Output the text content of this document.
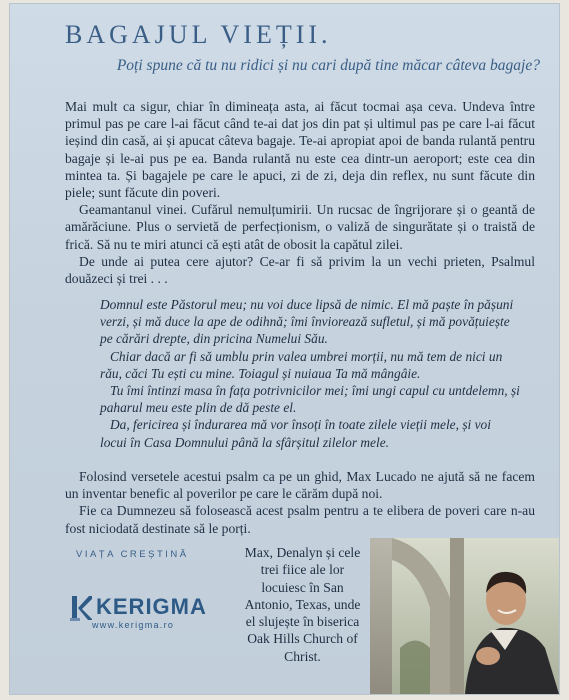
BAGAJUL VIEȚII.
Poți spune că tu nu ridici și nu cari după tine măcar câteva bagaje?

Mai mult ca sigur, chiar în dimineața asta, ai făcut tocmai așa ceva. Undeva între primul pas pe care l-ai făcut când te-ai dat jos din pat și ultimul pas pe care l-ai făcut ieșind din casă, ai și apucat câteva bagaje. Te-ai apropiat apoi de banda rulantă pentru bagaje și le-ai pus pe ea. Banda rulantă nu este cea dintr-un aeroport; este cea din mintea ta. Și bagajele pe care le apuci, zi de zi, deja din reflex, nu sunt făcute din piele; sunt făcute din poveri.

Geamantanul vinei. Cufărul nemulțumirii. Un rucsac de îngrijorare și o geantă de amărăciune. Plus o servietă de perfecționism, o valiză de singurătate și o traistă de frică. Să nu te miri atunci că ești atât de obosit la capătul zilei.

De unde ai putea cere ajutor? Ce-ar fi să privim la un vechi prieten, Psalmul douăzeci și trei . . .

Domnul este Păstorul meu; nu voi duce lipsă de nimic. El mă paște în pășuni verzi, și mă duce la ape de odihnă; îmi înviorează sufletul, și mă povățuiește pe cărări drepte, din pricina Numelui Său.

Chiar dacă ar fi să umblu prin valea umbrei morții, nu mă tem de nici un rău, căci Tu ești cu mine. Toiagul și nuiaua Ta mă mângâie.

Tu îmi întinzi masa în fața potrivnicilor mei; îmi ungi capul cu untdelemn, și paharul meu este plin de dă peste el.

Da, fericirea și îndurarea mă vor însoți în toate zilele vieții mele, și voi locui în Casa Domnului până la sfârșitul zilelor mele.

Folosind versetele acestui psalm ca pe un ghid, Max Lucado ne ajută să ne facem un inventar benefic al poverilor pe care le cărăm după noi.

Fie ca Dumnezeu să folosească acest psalm pentru a te elibera de poveri care n-au fost niciodată destinate să le porți.

VIAȚA CREȘTINĂ
KERIGMA
www.kerigma.ro
Max, Denalyn și cele trei fiice ale lor locuiesc în San Antonio, Texas, unde el slujește în biserica Oak Hills Church of Christ.
